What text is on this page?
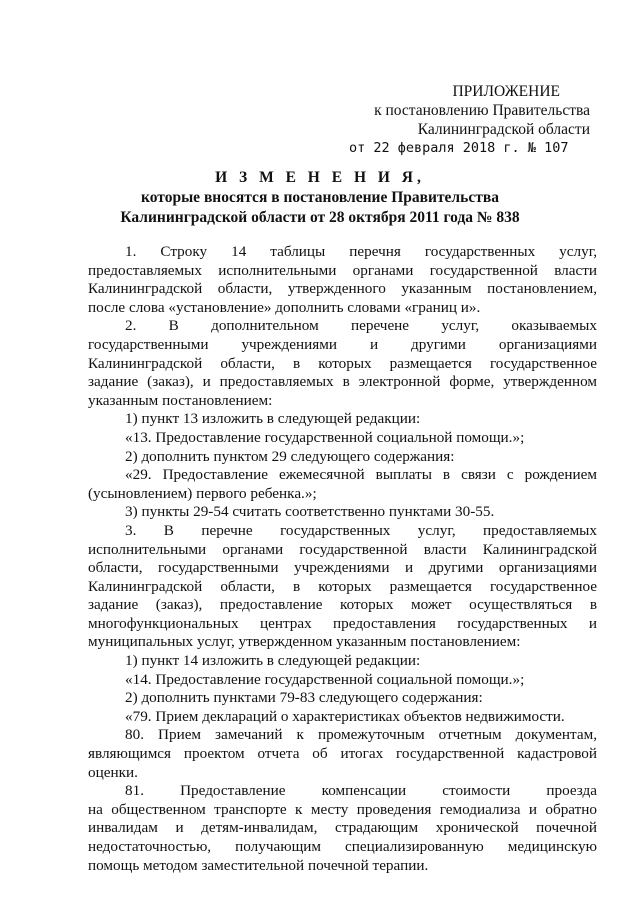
ПРИЛОЖЕНИЕ
к постановлению Правительства
Калининградской области
от 22 февраля 2018 г. № 107
И З М Е Н Е Н И Я,
которые вносятся в постановление Правительства
Калининградской области от 28 октября 2011 года № 838
1. Строку 14 таблицы перечня государственных услуг,
предоставляемых исполнительными органами государственной власти
Калининградской области, утвержденного указанным постановлением,
после слова «установление» дополнить словами «границ и».
2. В дополнительном перечене услуг, оказываемых
государственными учреждениями и другими организациями
Калининградской области, в которых размещается государственное
задание (заказ), и предоставляемых в электронной форме, утвержденном
указанным постановлением:
1) пункт 13 изложить в следующей редакции:
«13. Предоставление государственной социальной помощи.»;
2) дополнить пунктом 29 следующего содержания:
«29. Предоставление ежемесячной выплаты в связи с рождением
(усыновлением) первого ребенка.»;
3) пункты 29-54 считать соответственно пунктами 30-55.
3. В перечне государственных услуг, предоставляемых
исполнительными органами государственной власти Калининградской
области, государственными учреждениями и другими организациями
Калининградской области, в которых размещается государственное
задание (заказ), предоставление которых может осуществляться в
многофункциональных центрах предоставления государственных и
муниципальных услуг, утвержденном указанным постановлением:
1) пункт 14 изложить в следующей редакции:
«14. Предоставление государственной социальной помощи.»;
2) дополнить пунктами 79-83 следующего содержания:
«79. Прием деклараций о характеристиках объектов недвижимости.
80. Прием замечаний к промежуточным отчетным документам,
являющимся проектом отчета об итогах государственной кадастровой
оценки.
81. Предоставление компенсации стоимости проезда
на общественном транспорте к месту проведения гемодиализа и обратно
инвалидам и детям-инвалидам, страдающим хронической почечной
недостаточностью, получающим специализированную медицинскую
помощь методом заместительной почечной терапии.
